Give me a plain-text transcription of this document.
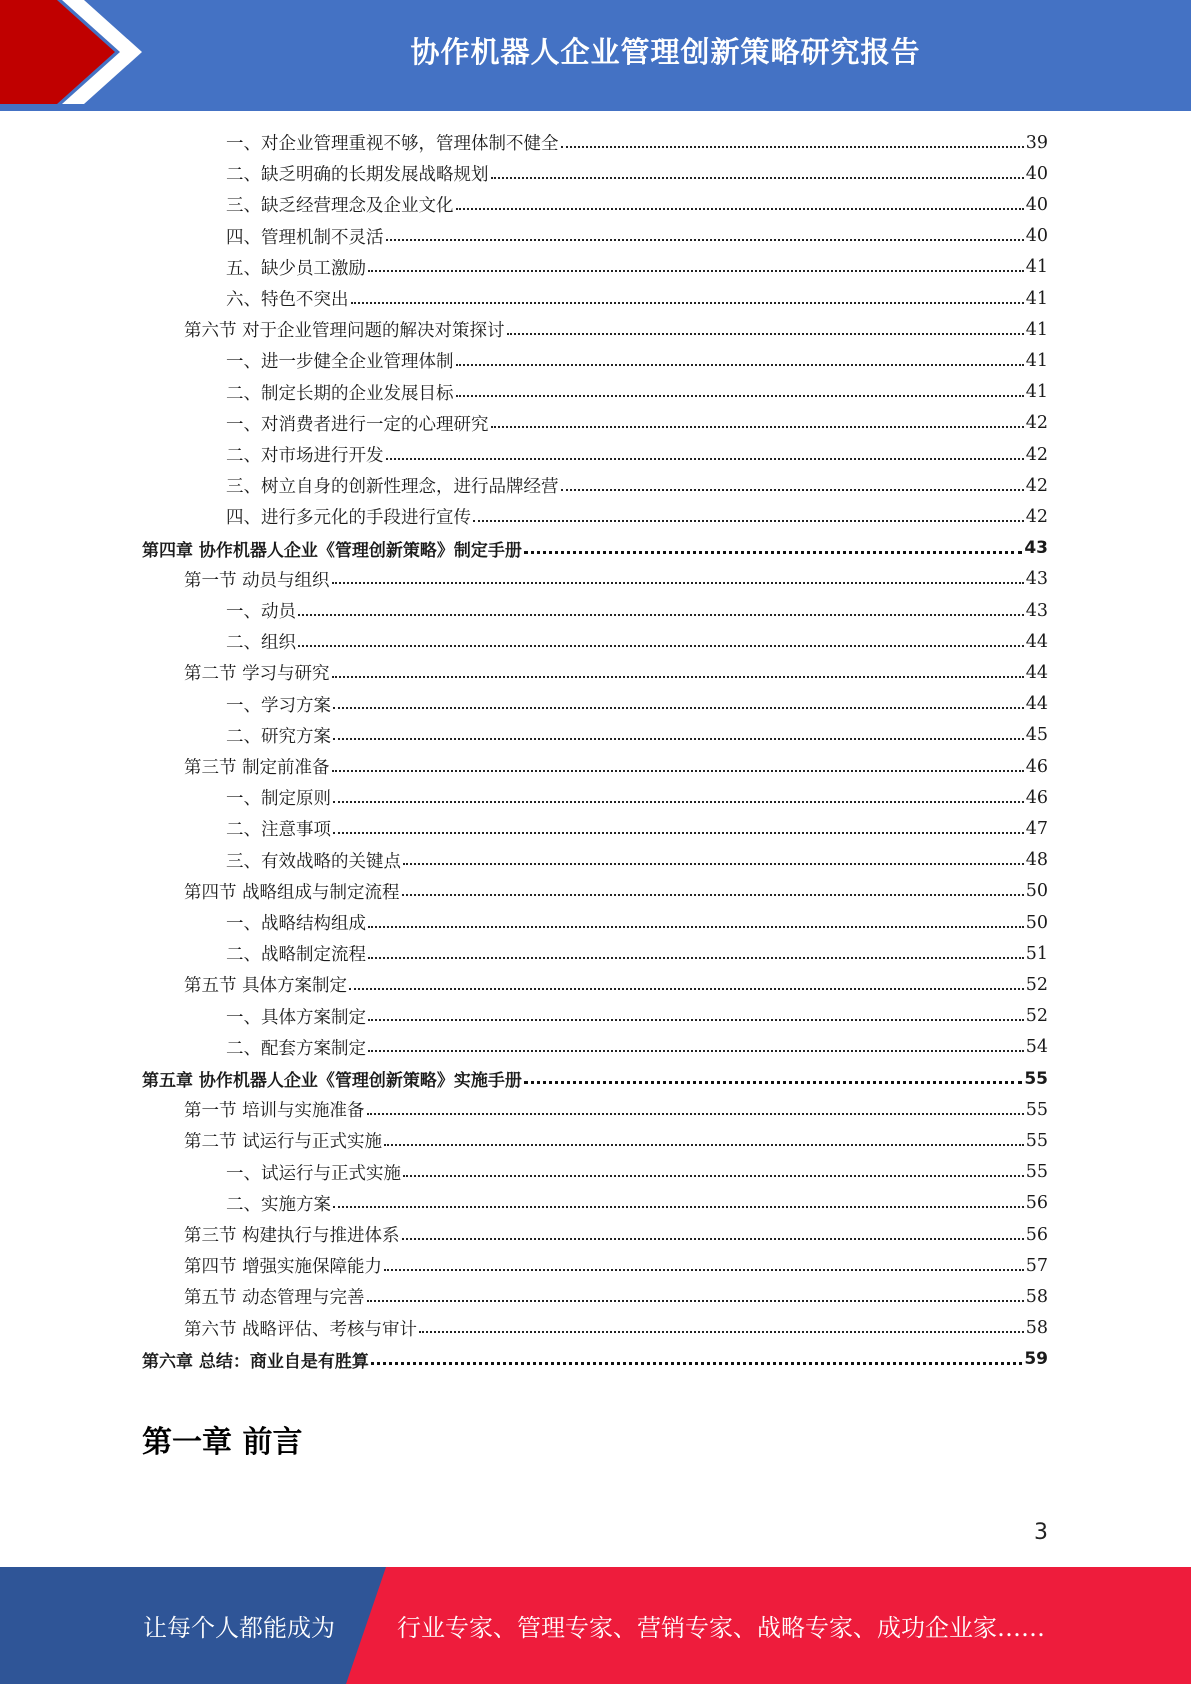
协作机器人企业管理创新策略研究报告
一、对企业管理重视不够，管理体制不健全	39
二、缺乏明确的长期发展战略规划	40
三、缺乏经营理念及企业文化	40
四、管理机制不灵活	40
五、缺少员工激励	41
六、特色不突出	41
第六节 对于企业管理问题的解决对策探讨	41
一、进一步健全企业管理体制	41
二、制定长期的企业发展目标	41
一、对消费者进行一定的心理研究	42
二、对市场进行开发	42
三、树立自身的创新性理念，进行品牌经营	42
四、进行多元化的手段进行宣传	42
第四章 协作机器人企业《管理创新策略》制定手册	43
第一节 动员与组织	43
一、动员	43
二、组织	44
第二节 学习与研究	44
一、学习方案	44
二、研究方案	45
第三节 制定前准备	46
一、制定原则	46
二、注意事项	47
三、有效战略的关键点	48
第四节 战略组成与制定流程	50
一、战略结构组成	50
二、战略制定流程	51
第五节 具体方案制定	52
一、具体方案制定	52
二、配套方案制定	54
第五章 协作机器人企业《管理创新策略》实施手册	55
第一节 培训与实施准备	55
第二节 试运行与正式实施	55
一、试运行与正式实施	55
二、实施方案	56
第三节 构建执行与推进体系	56
第四节 增强实施保障能力	57
第五节 动态管理与完善	58
第六节 战略评估、考核与审计	58
第六章 总结：商业自是有胜算	59
第一章 前言
3
让每个人都能成为	行业专家、管理专家、营销专家、战略专家、成功企业家……
